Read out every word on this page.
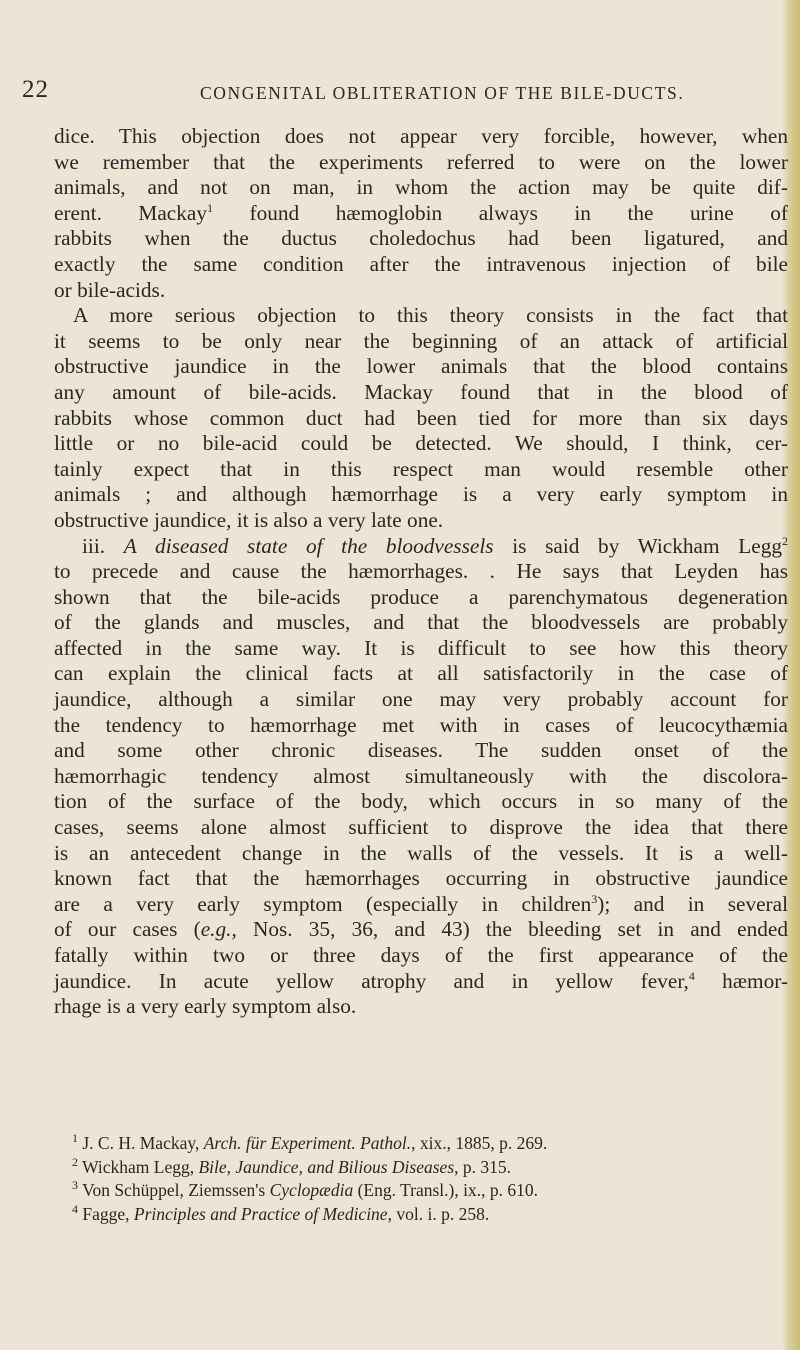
22	CONGENITAL OBLITERATION OF THE BILE-DUCTS.
dice. This objection does not appear very forcible, however, when
we remember that the experiments referred to were on the lower
animals, and not on man, in whom the action may be quite dif-
erent. Mackay$^1$ found hæmoglobin always in the urine of
rabbits when the ductus choledochus had been ligatured, and
exactly the same condition after the intravenous injection of bile
or bile-acids.
A more serious objection to this theory consists in the fact that
it seems to be only near the beginning of an attack of artificial
obstructive jaundice in the lower animals that the blood contains
any amount of bile-acids. Mackay found that in the blood of
rabbits whose common duct had been tied for more than six days
little or no bile-acid could be detected. We should, I think, cer-
tainly expect that in this respect man would resemble other
animals ; and although hæmorrhage is a very early symptom in
obstructive jaundice, it is also a very late one.
iii. A diseased state of the bloodvessels is said by Wickham Legg$^2$
to precede and cause the hæmorrhages. . He says that Leyden has
shown that the bile-acids produce a parenchymatous degeneration
of the glands and muscles, and that the bloodvessels are probably
affected in the same way. It is difficult to see how this theory
can explain the clinical facts at all satisfactorily in the case of
jaundice, although a similar one may very probably account for
the tendency to hæmorrhage met with in cases of leucocythæmia
and some other chronic diseases. The sudden onset of the
hæmorrhagic tendency almost simultaneously with the discolora-
tion of the surface of the body, which occurs in so many of the
cases, seems alone almost sufficient to disprove the idea that there
is an antecedent change in the walls of the vessels. It is a well-
known fact that the hæmorrhages occurring in obstructive jaundice
are a very early symptom (especially in children$^3$); and in several
of our cases (e.g., Nos. 35, 36, and 43) the bleeding set in and ended
fatally within two or three days of the first appearance of the
jaundice. In acute yellow atrophy and in yellow fever,$^4$ hæmor-
rhage is a very early symptom also.
$^1$ J. C. H. Mackay, Arch. für Experiment. Pathol., xix., 1885, p. 269.
$^2$ Wickham Legg, Bile, Jaundice, and Bilious Diseases, p. 315.
$^3$ Von Schüppel, Ziemssen's Cyclopædia (Eng. Transl.), ix., p. 610.
$^4$ Fagge, Principles and Practice of Medicine, vol. i. p. 258.
